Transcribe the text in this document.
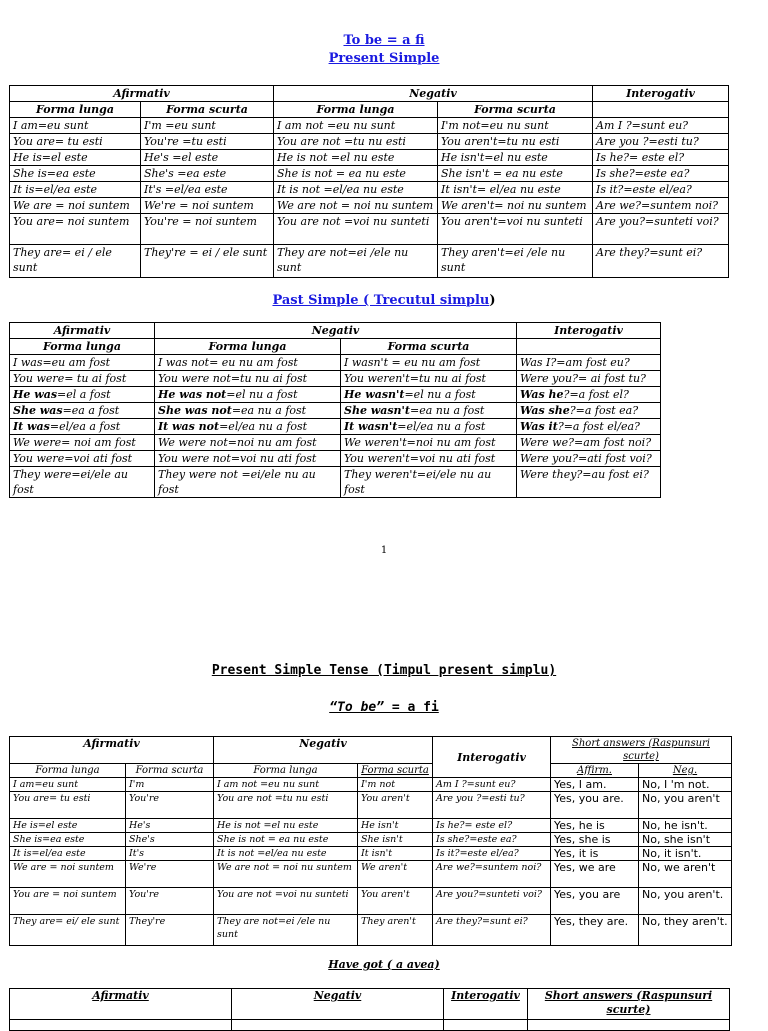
To be = a fi
Present Simple
Afirmativ		Negativ		Interogativ
Forma lunga	Forma scurta	Forma lunga	Forma scurta	
I am=eu sunt	I'm =eu sunt	I am not =eu nu sunt	I'm not=eu nu sunt	Am I ?=sunt eu?
You are= tu esti	You're =tu esti	You are not =tu nu esti	You aren't=tu nu esti	Are you ?=esti tu?
He is=el este	He's =el este	He is not =el nu este	He isn't=el nu este	Is he?= este el?
She is=ea este	She's =ea este	She is not = ea nu este	She isn't = ea nu este	Is she?=este ea?
It is=el/ea este	It's =el/ea este	It is not =el/ea nu este	It isn't= el/ea nu este	Is it?=este el/ea?
We are = noi suntem	We're = noi suntem	We are not = noi nu suntem	We aren't= noi nu suntem	Are we?=suntem noi?
You are= noi suntem	You're = noi suntem	You are not =voi nu sunteti	You aren't=voi nu sunteti	Are you?=sunteti voi?
They are= ei / ele sunt	They're = ei / ele sunt	They are not=ei /ele nu sunt	They aren't=ei /ele nu sunt	Are they?=sunt ei?
Past Simple ( Trecutul simplu)
Afirmativ	Negativ		Interogativ
Forma lunga	Forma lunga	Forma scurta	
I was=eu am fost	I was not= eu nu am fost	I wasn't = eu nu am fost	Was I?=am fost eu?
You were= tu ai fost	You were not=tu nu ai fost	You weren't=tu nu ai fost	Were you?= ai fost tu?
He was=el a fost	He was not=el nu a fost	He wasn't=el nu a fost	Was he?=a fost el?
She was=ea a fost	She was not=ea nu a fost	She wasn't=ea nu a fost	Was she?=a fost ea?
It was=el/ea a fost	It was not=el/ea nu a fost	It wasn't=el/ea nu a fost	Was it?=a fost el/ea?
We were= noi am fost	We were not=noi nu am fost	We weren't=noi nu am fost	Were we?=am fost noi?
You were=voi ati fost	You were not=voi nu ati fost	You weren't=voi nu ati fost	Were you?=ati fost voi?
They were=ei/ele au fost	They were not =ei/ele nu au fost	They weren't=ei/ele nu au fost	Were they?=au fost ei?
1
Present Simple Tense (Timpul present simplu)
“To be” = a fi
Afirmativ		Negativ		Interogativ	Short answers (Raspunsuri scurte)	
Forma lunga	Forma scurta	Forma lunga	Forma scurta		Affirm.	Neg.
I am=eu sunt	I'm	I am not =eu nu sunt	I'm not	Am I ?=sunt eu?	Yes, I am.	No, I 'm not.
You are= tu esti	You're	You are not =tu nu esti	You aren't	Are you ?=esti tu?	Yes, you are.	No, you aren't
He is=el este	He's	He is not =el nu este	He isn't	Is he?= este el?	Yes, he is	No, he isn't.
She is=ea este	She's	She is not = ea nu este	She isn't	Is she?=este ea?	Yes, she is	No, she isn't
It is=el/ea este	It's	It is not =el/ea nu este	It isn't	Is it?=este el/ea?	Yes, it is	No, it isn't.
We are = noi suntem	We're	We are not = noi nu suntem	We aren't	Are we?=suntem noi?	Yes, we are	No, we aren't
You are = noi suntem	You're	You are not =voi nu sunteti	You aren't	Are you?=sunteti voi?	Yes, you are	No, you aren't.
They are= ei/ ele sunt	They're	They are not=ei /ele nu sunt	They aren't	Are they?=sunt ei?	Yes, they are.	No, they aren't.
Have got ( a avea)
Afirmativ	Negativ	Interogativ	Short answers (Raspunsuri scurte)
